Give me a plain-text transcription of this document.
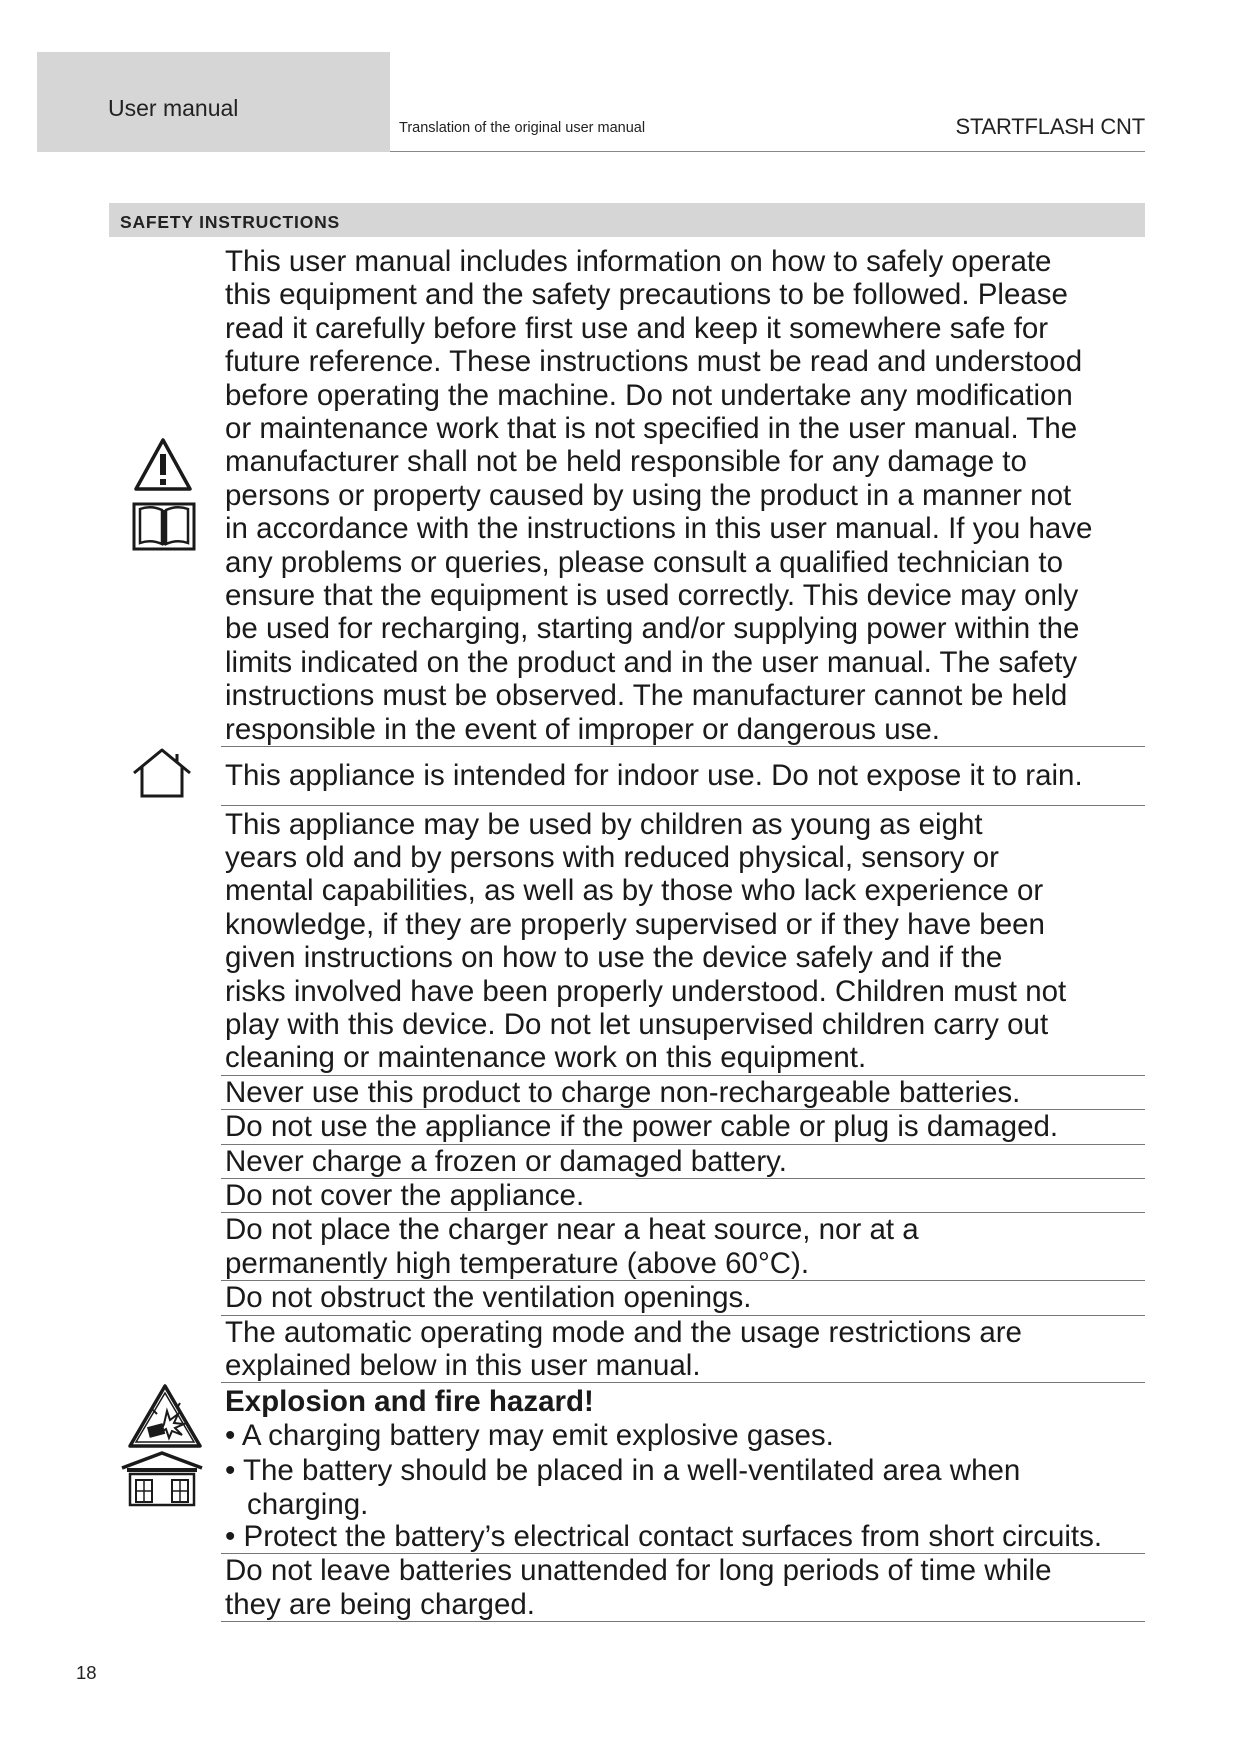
User manual
Translation of the original user manual	STARTFLASH CNT
SAFETY INSTRUCTIONS

This user manual includes information on how to safely operate

this equipment and the safety precautions to be followed. Please

read it carefully before first use and keep it somewhere safe for

future reference. These instructions must be read and understood

before operating the machine. Do not undertake any modification

or maintenance work that is not specified in the user manual. The

manufacturer shall not be held responsible for any damage to

persons or property caused by using the product in a manner not

in accordance with the instructions in this user manual. If you have

any problems or queries, please consult a qualified technician to

ensure that the equipment is used correctly. This device may only

be used for recharging, starting and/or supplying power within the

limits indicated on the product and in the user manual. The safety

instructions must be observed. The manufacturer cannot be held

responsible in the event of improper or dangerous use.

This appliance is intended for indoor use. Do not expose it to rain.

This appliance may be used by children as young as eight

years old and by persons with reduced physical, sensory or

mental capabilities, as well as by those who lack experience or

knowledge, if they are properly supervised or if they have been

given instructions on how to use the device safely and if the

risks involved have been properly understood. Children must not

play with this device. Do not let unsupervised children carry out

cleaning or maintenance work on this equipment.

Never use this product to charge non-rechargeable batteries.

Do not use the appliance if the power cable or plug is damaged.

Never charge a frozen or damaged battery.

Do not cover the appliance.

Do not place the charger near a heat source, nor at a

permanently high temperature (above 60°C).

Do not obstruct the ventilation openings.

The automatic operating mode and the usage restrictions are

explained below in this user manual.

Explosion and fire hazard!

• A charging battery may emit explosive gases.

• The battery should be placed in a well-ventilated area when charging.

• Protect the battery’s electrical contact surfaces from short circuits.

Do not leave batteries unattended for long periods of time while

they are being charged.

18
